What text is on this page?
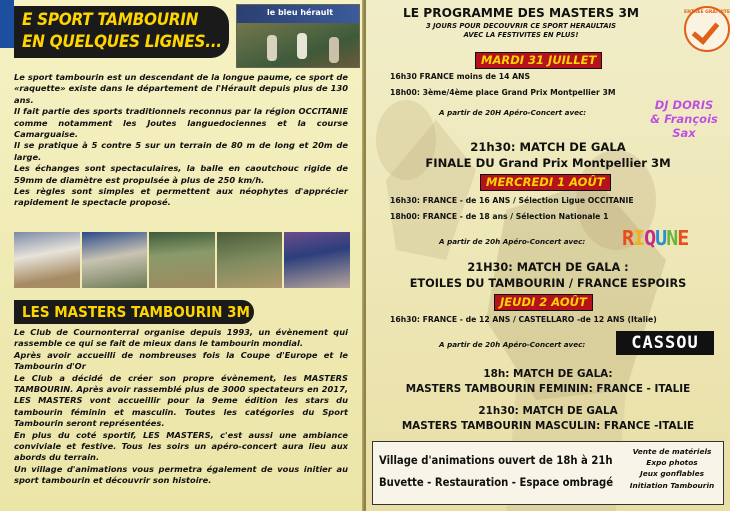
E SPORT TAMBOURIN
EN QUELQUES LIGNES...
le bleu hérault

Le sport tambourin est un descendant de la longue paume, ce sport de «raquette» existe dans le département de l'Hérault depuis plus de 130 ans.

Il fait partie des sports traditionnels reconnus par la région OCCITANIE comme notamment les Joutes languedociennes et la course Camarguaise.

Il se pratique à 5 contre 5 sur un terrain de 80 m de long et 20m de large.

Les échanges sont spectaculaires, la balle en caoutchouc rigide de 59mm de diamètre est propulsée à plus de 250 km/h.

Les règles sont simples et permettent aux néophytes d'apprécier rapidement le spectacle proposé.

LES MASTERS TAMBOURIN 3M

Le Club de Cournonterral organise depuis 1993, un évènement qui rassemble ce qui se fait de mieux dans le tambourin mondial.

Après avoir accueilli de nombreuses fois la Coupe d'Europe et le Tambourin d'Or

Le Club a décidé de créer son propre évènement, les MASTERS TAMBOURIN. Après avoir rassemblé plus de 3000 spectateurs en 2017, LES MASTERS vont accueillir pour la 9eme édition les stars du tambourin féminin et masculin. Toutes les catégories du Sport Tambourin seront représentées.

En plus du coté sportif, LES MASTERS, c'est aussi une ambiance conviviale et festive. Tous les soirs un apéro-concert aura lieu aux abords du terrain.

Un village d'animations vous permetra également de vous initier au sport tambourin et découvrir son histoire.

LE PROGRAMME DES MASTERS 3M
3 JOURS POUR DECOUVRIR CE SPORT HERAULTAIS
AVEC LA FESTIVITES EN PLUS!
ENTRÉE GRATUITE
MARDI 31 JUILLET
16h30 FRANCE moins de 14 ANS
18h00: 3ème/4ème place Grand Prix Montpellier 3M
A partir de 20H Apéro-Concert avec:
DJ DORIS
& François Sax
21h30: MATCH DE GALA
FINALE DU Grand Prix Montpellier 3M
MERCREDI 1 AOÛT
16h30: FRANCE - de 16 ANS / Sélection Ligue OCCITANIE
18h00: FRANCE - de 18 ans / Sélection Nationale 1
A partir de 20h Apéro-Concert avec: RIQUNE
21H30: MATCH DE GALA :
ETOILES DU TAMBOURIN / FRANCE ESPOIRS
JEUDI 2 AOÛT
16h30: FRANCE - de 12 ANS / CASTELLARO -de 12 ANS (Italie)
A partir de 20h Apéro-Concert avec:	CASSOU
18h: MATCH DE GALA:
MASTERS TAMBOURIN FEMININ: FRANCE - ITALIE
21h30: MATCH DE GALA
MASTERS TAMBOURIN MASCULIN: FRANCE -ITALIE
Village d'animations ouvert de 18h à 21h
Buvette - Restauration - Espace ombragé
Vente de matériels
Expo photos
Jeux gonflables
Initiation Tambourin
